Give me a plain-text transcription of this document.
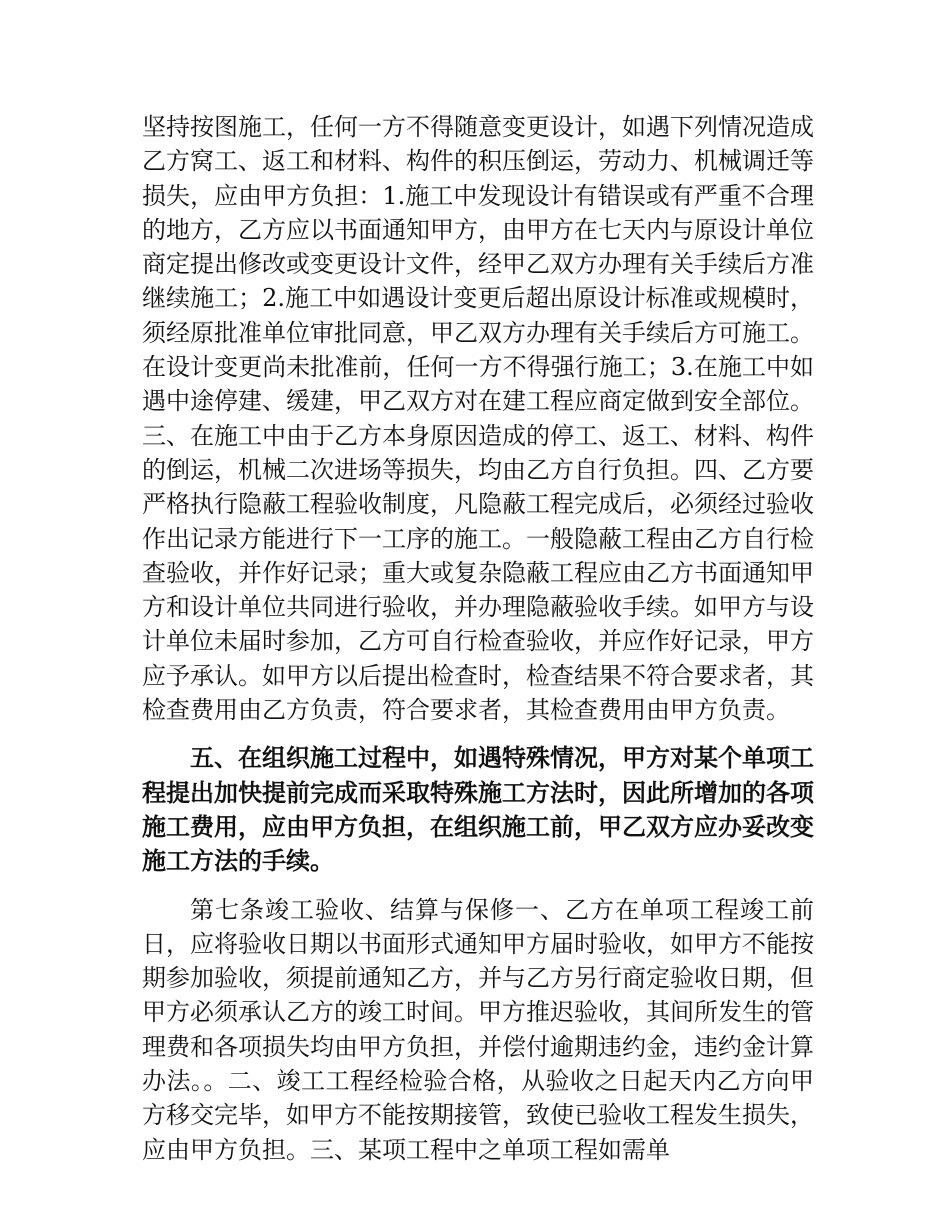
坚持按图施工，任何一方不得随意变更设计，如遇下列情况造成乙方窝工、返工和材料、构件的积压倒运，劳动力、机械调迁等损失，应由甲方负担：1.施工中发现设计有错误或有严重不合理的地方，乙方应以书面通知甲方，由甲方在七天内与原设计单位商定提出修改或变更设计文件，经甲乙双方办理有关手续后方准继续施工；2.施工中如遇设计变更后超出原设计标准或规模时，须经原批准单位审批同意，甲乙双方办理有关手续后方可施工。在设计变更尚未批准前，任何一方不得强行施工；3.在施工中如遇中途停建、缓建，甲乙双方对在建工程应商定做到安全部位。三、在施工中由于乙方本身原因造成的停工、返工、材料、构件的倒运，机械二次进场等损失，均由乙方自行负担。四、乙方要严格执行隐蔽工程验收制度，凡隐蔽工程完成后，必须经过验收作出记录方能进行下一工序的施工。一般隐蔽工程由乙方自行检查验收，并作好记录；重大或复杂隐蔽工程应由乙方书面通知甲方和设计单位共同进行验收，并办理隐蔽验收手续。如甲方与设计单位未届时参加，乙方可自行检查验收，并应作好记录，甲方应予承认。如甲方以后提出检查时，检查结果不符合要求者，其检查费用由乙方负责，符合要求者，其检查费用由甲方负责。

五、在组织施工过程中，如遇特殊情况，甲方对某个单项工程提出加快提前完成而采取特殊施工方法时，因此所增加的各项施工费用，应由甲方负担，在组织施工前，甲乙双方应办妥改变施工方法的手续。

第七条竣工验收、结算与保修一、乙方在单项工程竣工前日，应将验收日期以书面形式通知甲方届时验收，如甲方不能按期参加验收，须提前通知乙方，并与乙方另行商定验收日期，但甲方必须承认乙方的竣工时间。甲方推迟验收，其间所发生的管理费和各项损失均由甲方负担，并偿付逾期违约金，违约金计算办法。。二、竣工工程经检验合格，从验收之日起天内乙方向甲方移交完毕，如甲方不能按期接管，致使已验收工程发生损失，应由甲方负担。三、某项工程中之单项工程如需单
